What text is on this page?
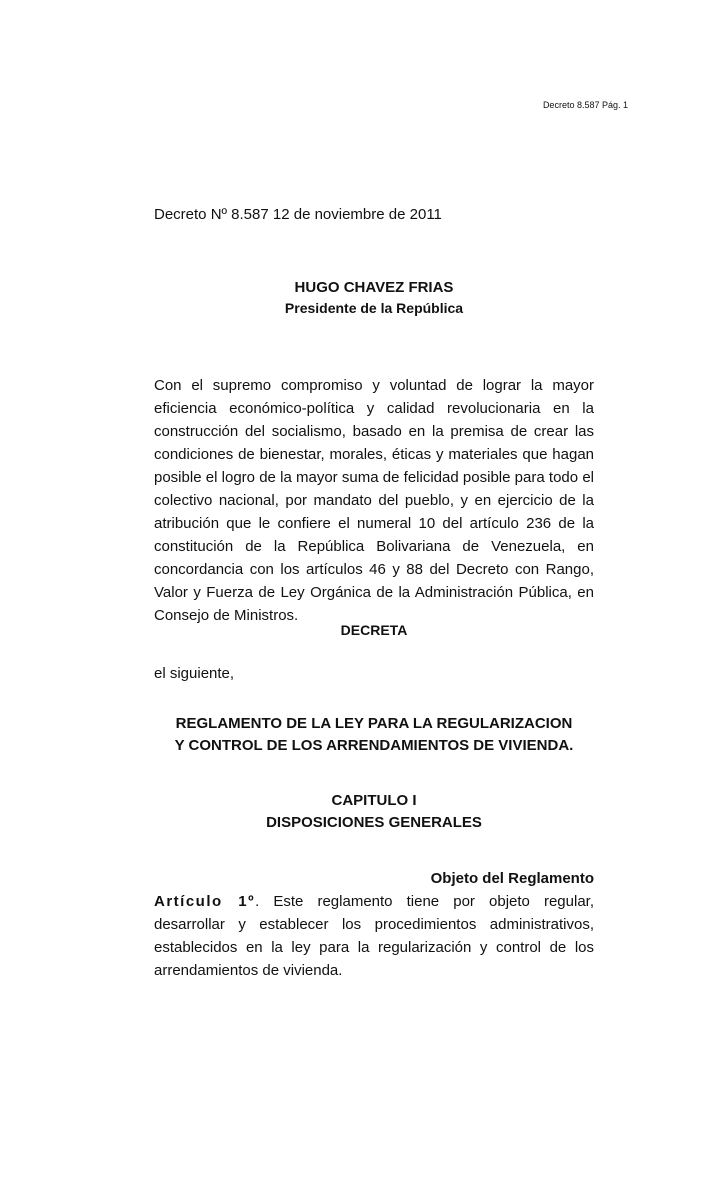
Decreto 8.587 Pág. 1
Decreto Nº 8.587 12 de noviembre de 2011
HUGO CHAVEZ FRIAS
Presidente de la República
Con el supremo compromiso y voluntad de lograr la mayor eficiencia económico-política y calidad revolucionaria en la construcción del socialismo, basado en la premisa de crear las condiciones de bienestar, morales, éticas y materiales que hagan posible el logro de la mayor suma de felicidad posible para todo el colectivo nacional, por mandato del pueblo, y en ejercicio de la atribución que le confiere el numeral 10 del artículo 236 de la constitución de la República Bolivariana de Venezuela, en concordancia con los artículos 46 y 88 del Decreto con Rango, Valor y Fuerza de Ley Orgánica de la Administración Pública, en Consejo de Ministros.
DECRETA
el siguiente,
REGLAMENTO DE LA LEY PARA LA REGULARIZACION
Y CONTROL DE LOS ARRENDAMIENTOS DE VIVIENDA.
CAPITULO I
DISPOSICIONES GENERALES
Objeto del Reglamento
Artículo 1º. Este reglamento tiene por objeto regular, desarrollar y establecer los procedimientos administrativos, establecidos en la ley para la regularización y control de los arrendamientos de vivienda.
